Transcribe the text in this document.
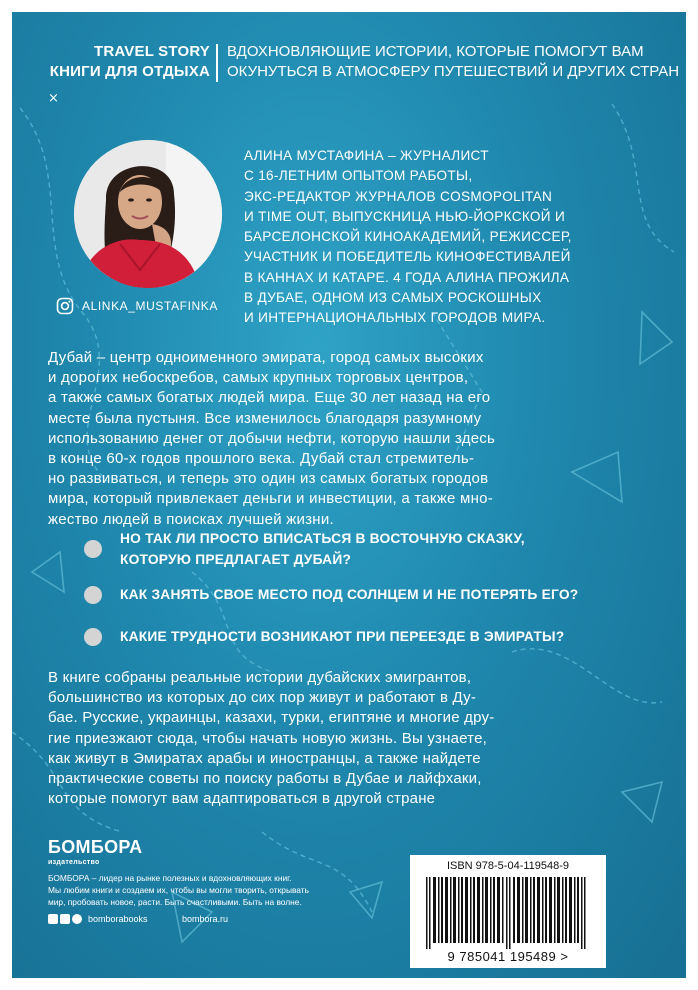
TRAVEL STORY
КНИГИ ДЛЯ ОТДЫХА
ВДОХНОВЛЯЮЩИЕ ИСТОРИИ, КОТОРЫЕ ПОМОГУТ ВАМ
ОКУНУТЬСЯ В АТМОСФЕРУ ПУТЕШЕСТВИЙ И ДРУГИХ СТРАН
×
АЛИНА МУСТАФИНА – ЖУРНАЛИСТ
С 16-ЛЕТНИМ ОПЫТОМ РАБОТЫ,
ЭКС-РЕДАКТОР ЖУРНАЛОВ COSMOPOLITAN
И TIME OUT, ВЫПУСКНИЦА НЬЮ-ЙОРКСКОЙ И
БАРСЕЛОНСКОЙ КИНОАКАДЕМИЙ, РЕЖИССЕР,
УЧАСТНИК И ПОБЕДИТЕЛЬ КИНОФЕСТИВАЛЕЙ
В КАННАХ И КАТАРЕ. 4 ГОДА АЛИНА ПРОЖИЛА
В ДУБАЕ, ОДНОМ ИЗ САМЫХ РОСКОШНЫХ
И ИНТЕРНАЦИОНАЛЬНЫХ ГОРОДОВ МИРА.
ALINKA_MUSTAFINKA
Дубай – центр одноименного эмирата, город самых высоких
и дорогих небоскребов, самых крупных торговых центров,
а также самых богатых людей мира. Еще 30 лет назад на его
месте была пустыня. Все изменилось благодаря разумному
использованию денег от добычи нефти, которую нашли здесь
в конце 60-х годов прошлого века. Дубай стал стремитель-
но развиваться, и теперь это один из самых богатых городов
мира, который привлекает деньги и инвестиции, а также мно-
жество людей в поисках лучшей жизни.
НО ТАК ЛИ ПРОСТО ВПИСАТЬСЯ В ВОСТОЧНУЮ СКАЗКУ,
КОТОРУЮ ПРЕДЛАГАЕТ ДУБАЙ?
КАК ЗАНЯТЬ СВОЕ МЕСТО ПОД СОЛНЦЕМ И НЕ ПОТЕРЯТЬ ЕГО?
КАКИЕ ТРУДНОСТИ ВОЗНИКАЮТ ПРИ ПЕРЕЕЗДЕ В ЭМИРАТЫ?
В книге собраны реальные истории дубайских эмигрантов,
большинство из которых до сих пор живут и работают в Ду-
бае. Русские, украинцы, казахи, турки, египтяне и многие дру-
гие приезжают сюда, чтобы начать новую жизнь. Вы узнаете,
как живут в Эмиратах арабы и иностранцы, а также найдете
практические советы по поиску работы в Дубае и лайфхаки,
которые помогут вам адаптироваться в другой стране
БОМБОРА
издательство
БОМБОРА – лидер на рынке полезных и вдохновляющих книг.
Мы любим книги и создаем их, чтобы вы могли творить, открывать
мир, пробовать новое, расти. Быть счастливыми. Быть на волне.
bomborabooks	bombora.ru
ISBN 978-5-04-119548-9
9 785041 195489 >
